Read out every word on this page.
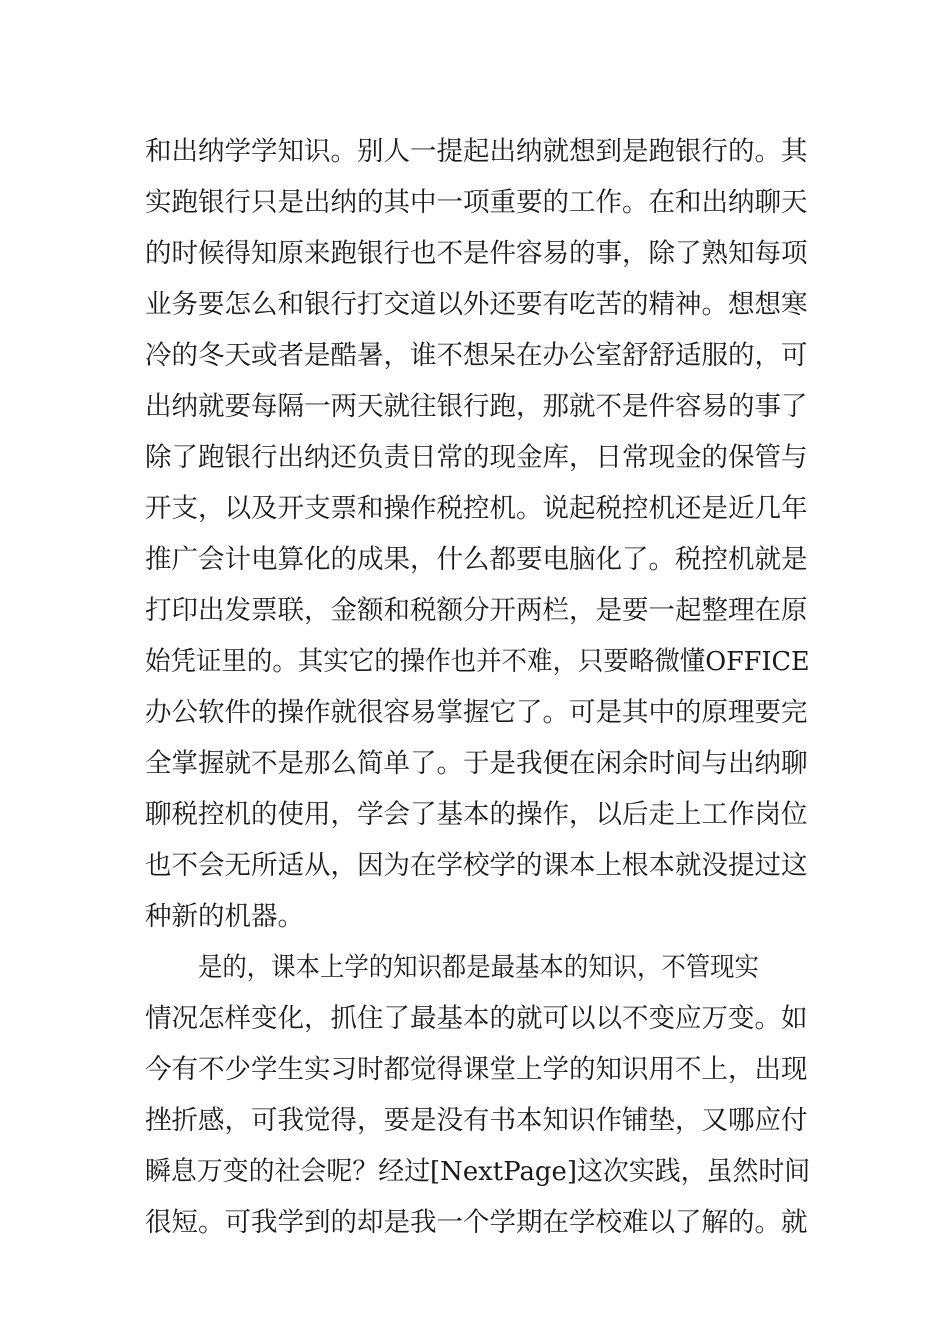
和出纳学学知识。别人一提起出纳就想到是跑银行的。其
实跑银行只是出纳的其中一项重要的工作。在和出纳聊天
的时候得知原来跑银行也不是件容易的事，除了熟知每项
业务要怎么和银行打交道以外还要有吃苦的精神。想想寒
冷的冬天或者是酷暑，谁不想呆在办公室舒舒适服的，可
出纳就要每隔一两天就往银行跑，那就不是件容易的事了
除了跑银行出纳还负责日常的现金库，日常现金的保管与
开支，以及开支票和操作税控机。说起税控机还是近几年
推广会计电算化的成果，什么都要电脑化了。税控机就是
打印出发票联，金额和税额分开两栏，是要一起整理在原
始凭证里的。其实它的操作也并不难，只要略微懂OFFICE
办公软件的操作就很容易掌握它了。可是其中的原理要完
全掌握就不是那么简单了。于是我便在闲余时间与出纳聊
聊税控机的使用，学会了基本的操作，以后走上工作岗位
也不会无所适从，因为在学校学的课本上根本就没提过这
种新的机器。
是的，课本上学的知识都是最基本的知识，不管现实
情况怎样变化，抓住了最基本的就可以以不变应万变。如
今有不少学生实习时都觉得课堂上学的知识用不上，出现
挫折感，可我觉得，要是没有书本知识作铺垫，又哪应付
瞬息万变的社会呢？经过[NextPage]这次实践，虽然时间
很短。可我学到的却是我一个学期在学校难以了解的。就
